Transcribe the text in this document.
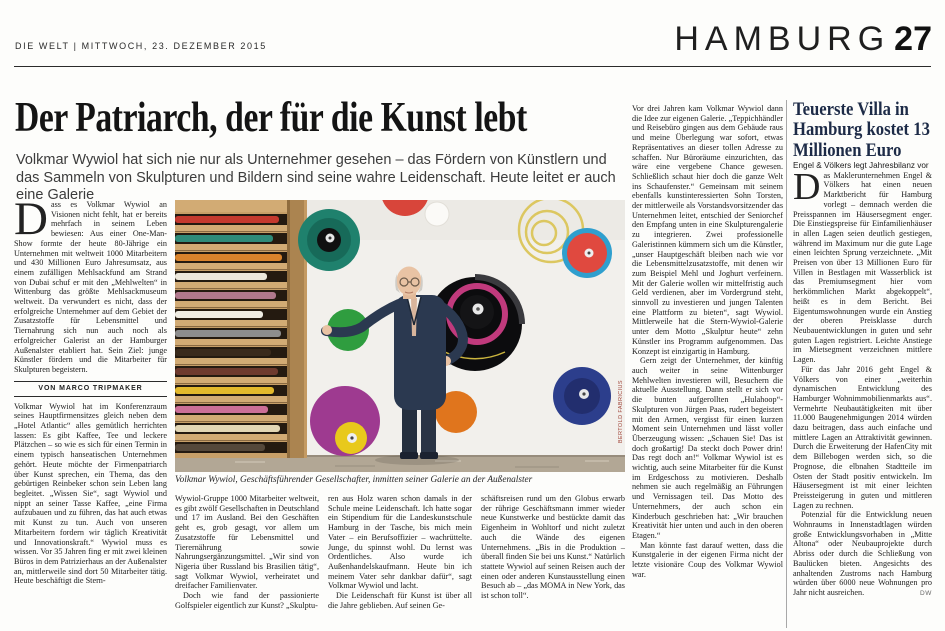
DIE WELT | MITTWOCH, 23. DEZEMBER 2015	HAMBURG 27
Der Patriarch, der für die Kunst lebt

Volkmar Wywiol hat sich nie nur als Unternehmer gesehen – das Fördern von Künstlern und das Sammeln von Skulpturen und Bildern sind seine wahre Leidenschaft. Heute leitet er auch eine Galerie

Dass es Volkmar Wywiol an Visionen nicht fehlt, hat er bereits mehrfach in seinem Leben bewiesen: Aus einer One-Man-Show formte der heute 80-Jährige ein Unternehmen mit weltweit 1000 Mitarbeitern und 430 Millionen Euro Jahresumsatz, aus einem zufälligen Mehlsackfund am Strand von Dubai schuf er mit den „Mehlwelten“ in Wittenburg das größte Mehlsackmuseum weltweit. Da verwundert es nicht, dass der erfolgreiche Unternehmer auf dem Gebiet der Zusatzstoffe für Lebensmittel und Tiernahrung sich nun auch noch als erfolgreicher Galerist an der Hamburger Außenalster etabliert hat. Sein Ziel: junge Künstler fördern und die Mitarbeiter für Skulpturen begeistern.

VON MARCO TRIPMAKER

Volkmar Wywiol hat im Konferenzraum seines Hauptfirmensitzes gleich neben dem „Hotel Atlantic“ alles gemütlich herrichten lassen: Es gibt Kaffee, Tee und leckere Plätzchen – so wie es sich für einen Termin in einem typisch hanseatischen Unternehmen gehört. Heute möchte der Firmenpatriarch über Kunst sprechen, ein Thema, das den gebürtigen Reinbeker schon sein Leben lang begleitet. „Wissen Sie“, sagt Wywiol und nippt an seiner Tasse Kaffee, „eine Firma aufzubauen und zu führen, das hat auch etwas mit Kunst zu tun. Auch von unseren Mitarbeitern fordern wir täglich Kreativität und Innovationskraft.“ Wywiol muss es wissen. Vor 35 Jahren fing er mit zwei kleinen Büros in dem Patrizierhaus an der Außenalster an, mittlerweile sind dort 50 Mitarbeiter tätig. Heute beschäftigt die Stern-

BERTOLD FABRICIUS
Volkmar Wywiol, Geschäftsführender Gesellschafter, inmitten seiner Galerie an der Außenalster

Wywiol-Gruppe 1000 Mitarbeiter weltweit, es gibt zwölf Gesellschaften in Deutschland und 17 im Ausland. Bei den Geschäften geht es, grob gesagt, vor allem um Zusatzstoffe für Lebensmittel und Tierernährung sowie Nahrungsergänzungsmittel. „Wir sind von Nigeria über Russland bis Brasilien tätig“, sagt Volkmar Wywiol, verheiratet und dreifacher Familienvater.

Doch wie fand der passionierte Golfspieler eigentlich zur Kunst? „Skulptu-

ren aus Holz waren schon damals in der Schule meine Leidenschaft. Ich hatte sogar ein Stipendium für die Landeskunstschule Hamburg in der Tasche, bis mich mein Vater – ein Berufsoffizier – wachrüttelte. Junge, du spinnst wohl. Du lernst was Ordentliches. Also wurde ich Außenhandelskaufmann. Heute bin ich meinem Vater sehr dankbar dafür“, sagt Volkmar Wywiol und lacht.

Die Leidenschaft für Kunst ist über all die Jahre geblieben. Auf seinen Ge-

schäftsreisen rund um den Globus erwarb der rührige Geschäftsmann immer wieder neue Kunstwerke und bestückte damit das Eigenheim in Wohltorf und nicht zuletzt auch die Wände des eigenen Unternehmens. „Bis in die Produktion – überall finden Sie bei uns Kunst.“ Natürlich stattete Wywiol auf seinen Reisen auch der einen oder anderen Kunstausstellung einen Besuch ab – „das MOMA in New York, das ist schon toll“.

Vor drei Jahren kam Volkmar Wywiol dann die Idee zur eigenen Galerie. „Teppichhändler und Reisebüro gingen aus dem Gebäude raus und meine Überlegung war sofort, etwas Repräsentatives an dieser tollen Adresse zu schaffen. Nur Büroräume einzurichten, das wäre eine vergebene Chance gewesen. Schließlich schaut hier doch die ganze Welt ins Schaufenster.“ Gemeinsam mit seinem ebenfalls kunstinteressierten Sohn Torsten, der mittlerweile als Vorstandsvorsitzender das Unternehmen leitet, entschied der Seniorchef den Empfang unten in eine Skulpturengalerie zu integrieren. Zwei professionelle Galeristinnen kümmern sich um die Künstler, „unser Hauptgeschäft bleiben nach wie vor die Lebensmittelzusatzstoffe, mit denen wir zum Beispiel Mehl und Joghurt verfeinern. Mit der Galerie wollen wir mittelfristig auch Geld verdienen, aber im Vordergrund steht, sinnvoll zu investieren und jungen Talenten eine Plattform zu bieten“, sagt Wywiol. Mittlerweile hat die Stern-Wywiol-Galerie unter dem Motto „Skulptur heute“ zehn Künstler ins Programm aufgenommen. Das Konzept ist einzigartig in Hamburg.

Gern zeigt der Unternehmer, der künftig auch weiter in seine Wittenburger Mehlwelten investieren will, Besuchern die aktuelle Ausstellung. Dann stellt er sich vor die bunten aufgerollten „Hulahoop“-Skulpturen von Jürgen Paas, rudert begeistert mit den Armen, vergisst für einen kurzen Moment sein Unternehmen und lässt voller Überzeugung wissen: „Schauen Sie! Das ist doch großartig! Da steckt doch Power drin! Das regt doch an!“ Volkmar Wywiol ist es wichtig, auch seine Mitarbeiter für die Kunst im Erdgeschoss zu motivieren. Deshalb nehmen sie auch regelmäßig an Führungen und Vernissagen teil. Das Motto des Unternehmers, der auch schon ein Kinderbuch geschrieben hat: „Wir brauchen Kreativität hier unten und auch in den oberen Etagen.“

Man könnte fast darauf wetten, dass die Kunstgalerie in der eigenen Firma nicht der letzte visionäre Coup des Volkmar Wywiol war.

Teuerste Villa in Hamburg kostet 13 Millionen Euro

Engel & Völkers legt Jahresbilanz vor

Das Maklerunternehmen Engel & Völkers hat einen neuen Marktbericht für Hamburg vorlegt – demnach werden die Preisspannen im Häusersegment enger. Die Einstiegspreise für Einfamilienhäuser in allen Lagen seien deutlich gestiegen, während im Maximum nur die gute Lage einen leichten Sprung verzeichnete. „Mit Preisen von über 13 Millionen Euro für Villen in Bestlagen mit Wasserblick ist das Premiumsegment hier vom herkömmlichen Markt abgekoppelt“, heißt es in dem Bericht. Bei Eigentumswohnungen wurde ein Anstieg der oberen Preisklasse durch Neubauentwicklungen in guten und sehr guten Lagen registriert. Leichte Anstiege im Mietsegment verzeichnen mittlere Lagen.

Für das Jahr 2016 geht Engel & Völkers von einer „weiterhin dynamischen Entwicklung des Hamburger Wohnimmobilienmarkts aus“. Vermehrte Neubautätigkeiten mit über 11.000 Baugenehmigungen 2014 würden dazu beitragen, dass auch einfache und mittlere Lagen an Attraktivität gewinnen. Durch die Erweiterung der HafenCity mit dem Billebogen werden sich, so die Prognose, die elbnahen Stadtteile im Osten der Stadt positiv entwickeln. Im Häusersegment ist mit einer leichten Preissteigerung in guten und mittleren Lagen zu rechnen.

Potenzial für die Entwicklung neuen Wohnraums in Innenstadtlagen würden große Entwicklungsvorhaben in „Mitte Altona“ oder Neubauprojekte durch Abriss oder durch die Schließung von Baulücken bieten. Angesichts des anhaltenden Zustroms nach Hamburg würden über 6000 neue Wohnungen pro Jahr nicht ausreichen.	DW
